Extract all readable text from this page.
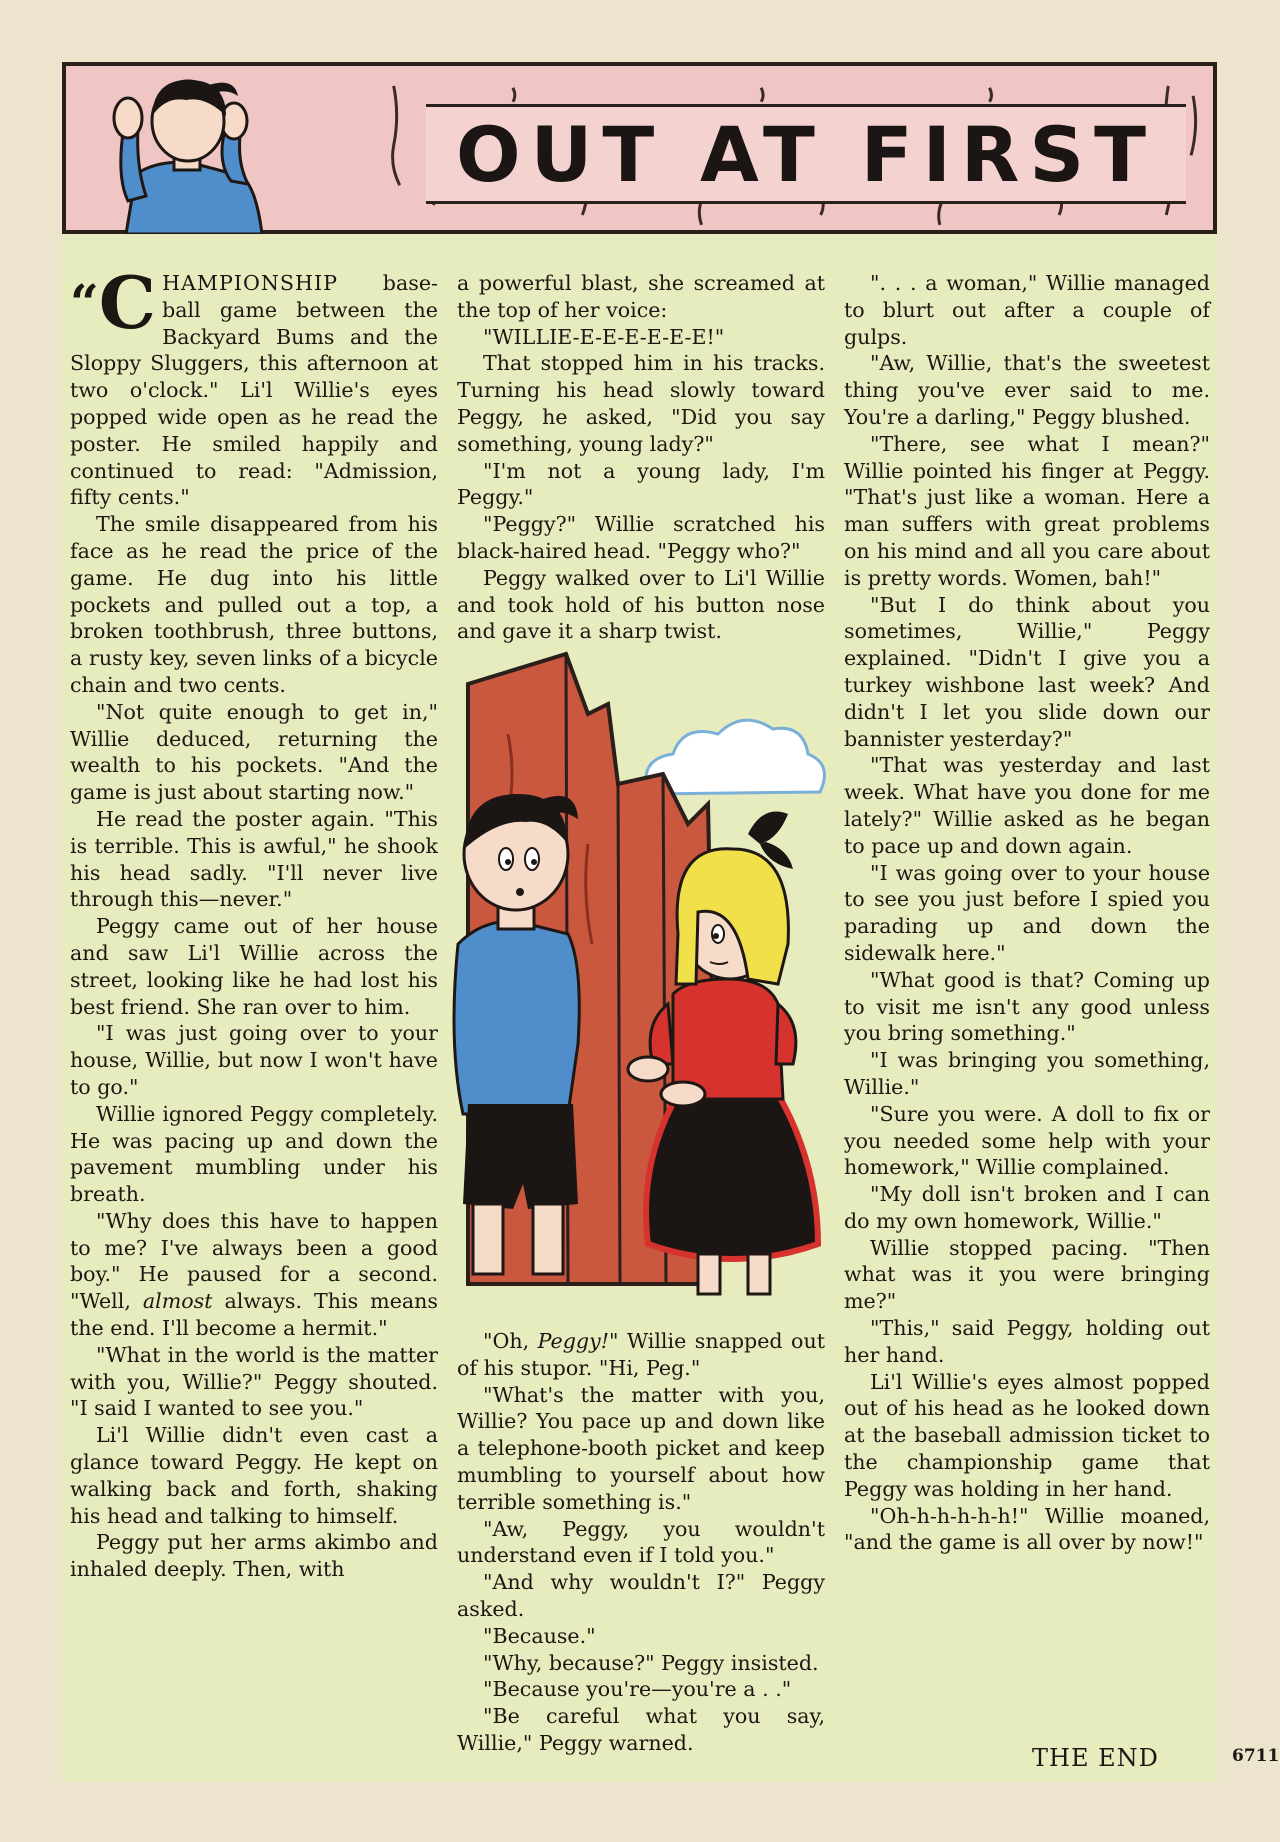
OUT AT FIRST

“C HAMPIONSHIP base-ball game between the Backyard Bums and the Sloppy Sluggers, this afternoon at two o'clock." Li'l Willie's eyes popped wide open as he read the poster. He smiled happily and continued to read: "Admission, fifty cents."

The smile disappeared from his face as he read the price of the game. He dug into his little pockets and pulled out a top, a broken toothbrush, three buttons, a rusty key, seven links of a bicycle chain and two cents.

"Not quite enough to get in," Willie deduced, returning the wealth to his pockets. "And the game is just about starting now."

He read the poster again. "This is terrible. This is awful," he shook his head sadly. "I'll never live through this—never."

Peggy came out of her house and saw Li'l Willie across the street, looking like he had lost his best friend. She ran over to him.

"I was just going over to your house, Willie, but now I won't have to go."

Willie ignored Peggy completely. He was pacing up and down the pavement mumbling under his breath.

"Why does this have to happen to me? I've always been a good boy." He paused for a second. "Well, almost always. This means the end. I'll become a hermit."

"What in the world is the matter with you, Willie?" Peggy shouted. "I said I wanted to see you."

Li'l Willie didn't even cast a glance toward Peggy. He kept on walking back and forth, shaking his head and talking to himself.

Peggy put her arms akimbo and inhaled deeply. Then, with

a powerful blast, she screamed at the top of her voice:

"WILLIE-E-E-E-E-E-E!"

That stopped him in his tracks. Turning his head slowly toward Peggy, he asked, "Did you say something, young lady?"

"I'm not a young lady, I'm Peggy."

"Peggy?" Willie scratched his black-haired head. "Peggy who?"

Peggy walked over to Li'l Willie and took hold of his button nose and gave it a sharp twist.

"Oh, Peggy!" Willie snapped out of his stupor. "Hi, Peg."

"What's the matter with you, Willie? You pace up and down like a telephone-booth picket and keep mumbling to yourself about how terrible something is."

"Aw, Peggy, you wouldn't understand even if I told you."

"And why wouldn't I?" Peggy asked.

"Because."

"Why, because?" Peggy insisted.

"Because you're—you're a . ."

"Be careful what you say, Willie," Peggy warned.

". . . a woman," Willie managed to blurt out after a couple of gulps.

"Aw, Willie, that's the sweetest thing you've ever said to me. You're a darling," Peggy blushed.

"There, see what I mean?" Willie pointed his finger at Peggy. "That's just like a woman. Here a man suffers with great problems on his mind and all you care about is pretty words. Women, bah!"

"But I do think about you sometimes, Willie," Peggy explained. "Didn't I give you a turkey wishbone last week? And didn't I let you slide down our bannister yesterday?"

"That was yesterday and last week. What have you done for me lately?" Willie asked as he began to pace up and down again.

"I was going over to your house to see you just before I spied you parading up and down the sidewalk here."

"What good is that? Coming up to visit me isn't any good unless you bring something."

"I was bringing you something, Willie."

"Sure you were. A doll to fix or you needed some help with your homework," Willie complained.

"My doll isn't broken and I can do my own homework, Willie."

Willie stopped pacing. "Then what was it you were bringing me?"

"This," said Peggy, holding out her hand.

Li'l Willie's eyes almost popped out of his head as he looked down at the baseball admission ticket to the championship game that Peggy was holding in her hand.

"Oh-h-h-h-h-h!" Willie moaned, "and the game is all over by now!"

THE END	6711
